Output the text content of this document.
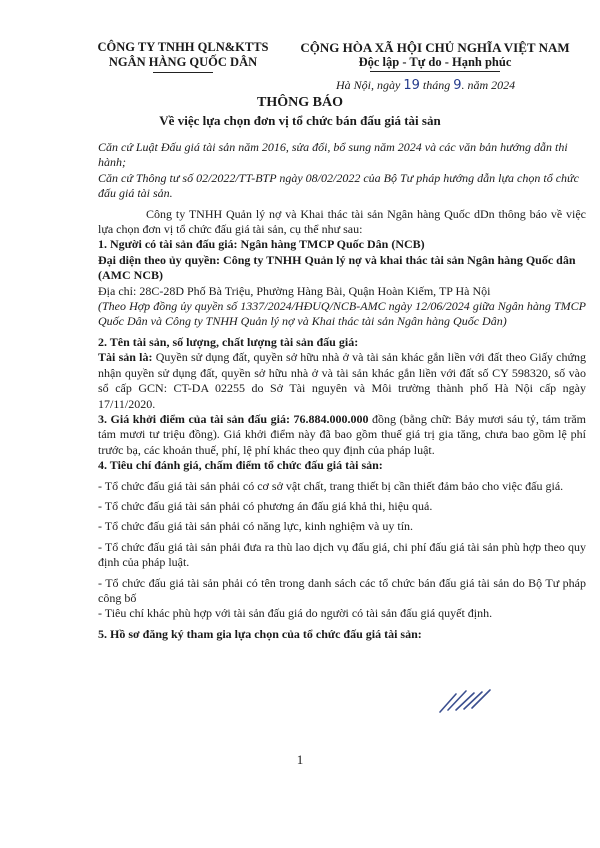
CÔNG TY TNHH QLN&KTTS
NGÂN HÀNG QUỐC DÂN
CỘNG HÒA XÃ HỘI CHỦ NGHĨA VIỆT NAM
Độc lập - Tự do - Hạnh phúc
Hà Nội, ngày 19 tháng 9. năm 2024
THÔNG BÁO
Về việc lựa chọn đơn vị tổ chức bán đấu giá tài sản

Căn cứ Luật Đấu giá tài sản năm 2016, sửa đổi, bổ sung năm 2024 và các văn bản hướng dẫn thi hành;

Căn cứ Thông tư số 02/2022/TT-BTP ngày 08/02/2022 của Bộ Tư pháp hướng dẫn lựa chọn tổ chức đấu giá tài sản.

Công ty TNHH Quản lý nợ và Khai thác tài sản Ngân hàng Quốc dDn thông báo về việc lựa chọn đơn vị tổ chức đấu giá tài sản, cụ thể như sau:

1. Người có tài sản đấu giá: Ngân hàng TMCP Quốc Dân (NCB)

Đại diện theo ủy quyền: Công ty TNHH Quản lý nợ và khai thác tài sản Ngân hàng Quốc dân (AMC NCB)

Địa chỉ: 28C-28D Phố Bà Triệu, Phường Hàng Bài, Quận Hoàn Kiếm, TP Hà Nội

(Theo Hợp đồng ủy quyền số 1337/2024/HĐUQ/NCB-AMC ngày 12/06/2024 giữa Ngân hàng TMCP Quốc Dân và Công ty TNHH Quản lý nợ và Khai thác tài sản Ngân hàng Quốc Dân)

2. Tên tài sản, số lượng, chất lượng tài sản đấu giá:

Tài sản là: Quyền sử dụng đất, quyền sở hữu nhà ở và tài sản khác gắn liền với đất theo Giấy chứng nhận quyền sử dụng đất, quyền sở hữu nhà ở và tài sản khác gắn liền với đất số CY 598320, số vào sổ cấp GCN: CT-DA 02255 do Sở Tài nguyên và Môi trường thành phố Hà Nội cấp ngày 17/11/2020.

3. Giá khởi điểm của tài sản đấu giá: 76.884.000.000 đồng (bằng chữ: Bảy mươi sáu tỷ, tám trăm tám mươi tư triệu đồng). Giá khởi điểm này đã bao gồm thuế giá trị gia tăng, chưa bao gồm lệ phí trước bạ, các khoản thuế, phí, lệ phí khác theo quy định của pháp luật.

4. Tiêu chí đánh giá, chấm điểm tổ chức đấu giá tài sản:

- Tổ chức đấu giá tài sản phải có cơ sở vật chất, trang thiết bị cần thiết đảm bảo cho việc đấu giá.

- Tổ chức đấu giá tài sản phải có phương án đấu giá khả thi, hiệu quả.

- Tổ chức đấu giá tài sản phải có năng lực, kinh nghiệm và uy tín.

- Tổ chức đấu giá tài sản phải đưa ra thù lao dịch vụ đấu giá, chi phí đấu giá tài sản phù hợp theo quy định của pháp luật.

- Tổ chức đấu giá tài sản phải có tên trong danh sách các tổ chức bán đấu giá tài sản do Bộ Tư pháp công bố

- Tiêu chí khác phù hợp với tài sản đấu giá do người có tài sản đấu giá quyết định.

5. Hồ sơ đăng ký tham gia lựa chọn của tổ chức đấu giá tài sản:

1
